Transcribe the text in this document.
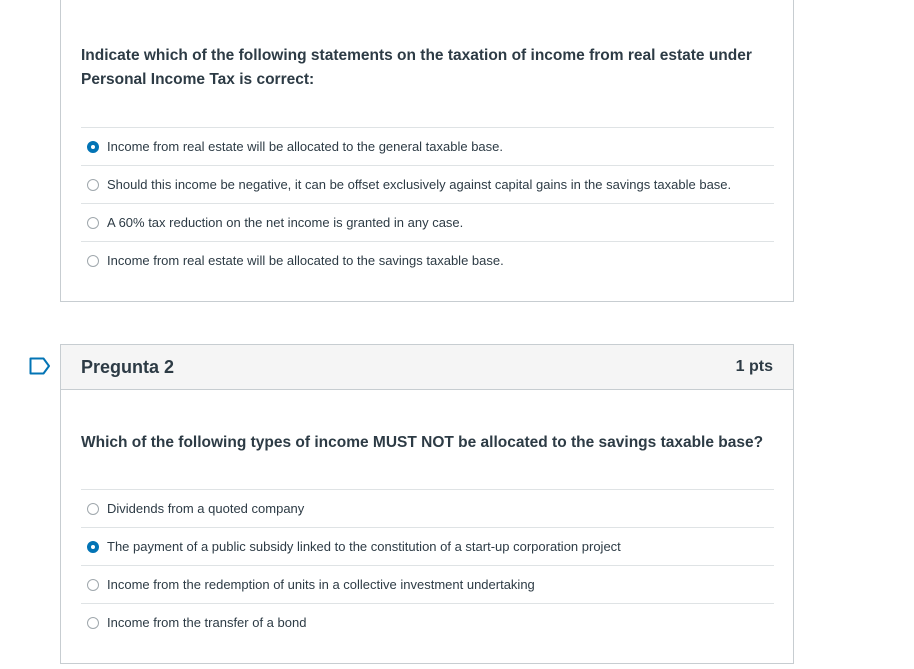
Indicate which of the following statements on the taxation of income from real estate under Personal Income Tax is correct:

Income from real estate will be allocated to the general taxable base.
Should this income be negative, it can be offset exclusively against capital gains in the savings taxable base.
A 60% tax reduction on the net income is granted in any case.
Income from real estate will be allocated to the savings taxable base.
Pregunta 2	1 pts

Which of the following types of income MUST NOT be allocated to the savings taxable base?

Dividends from a quoted company
The payment of a public subsidy linked to the constitution of a start-up corporation project
Income from the redemption of units in a collective investment undertaking
Income from the transfer of a bond
